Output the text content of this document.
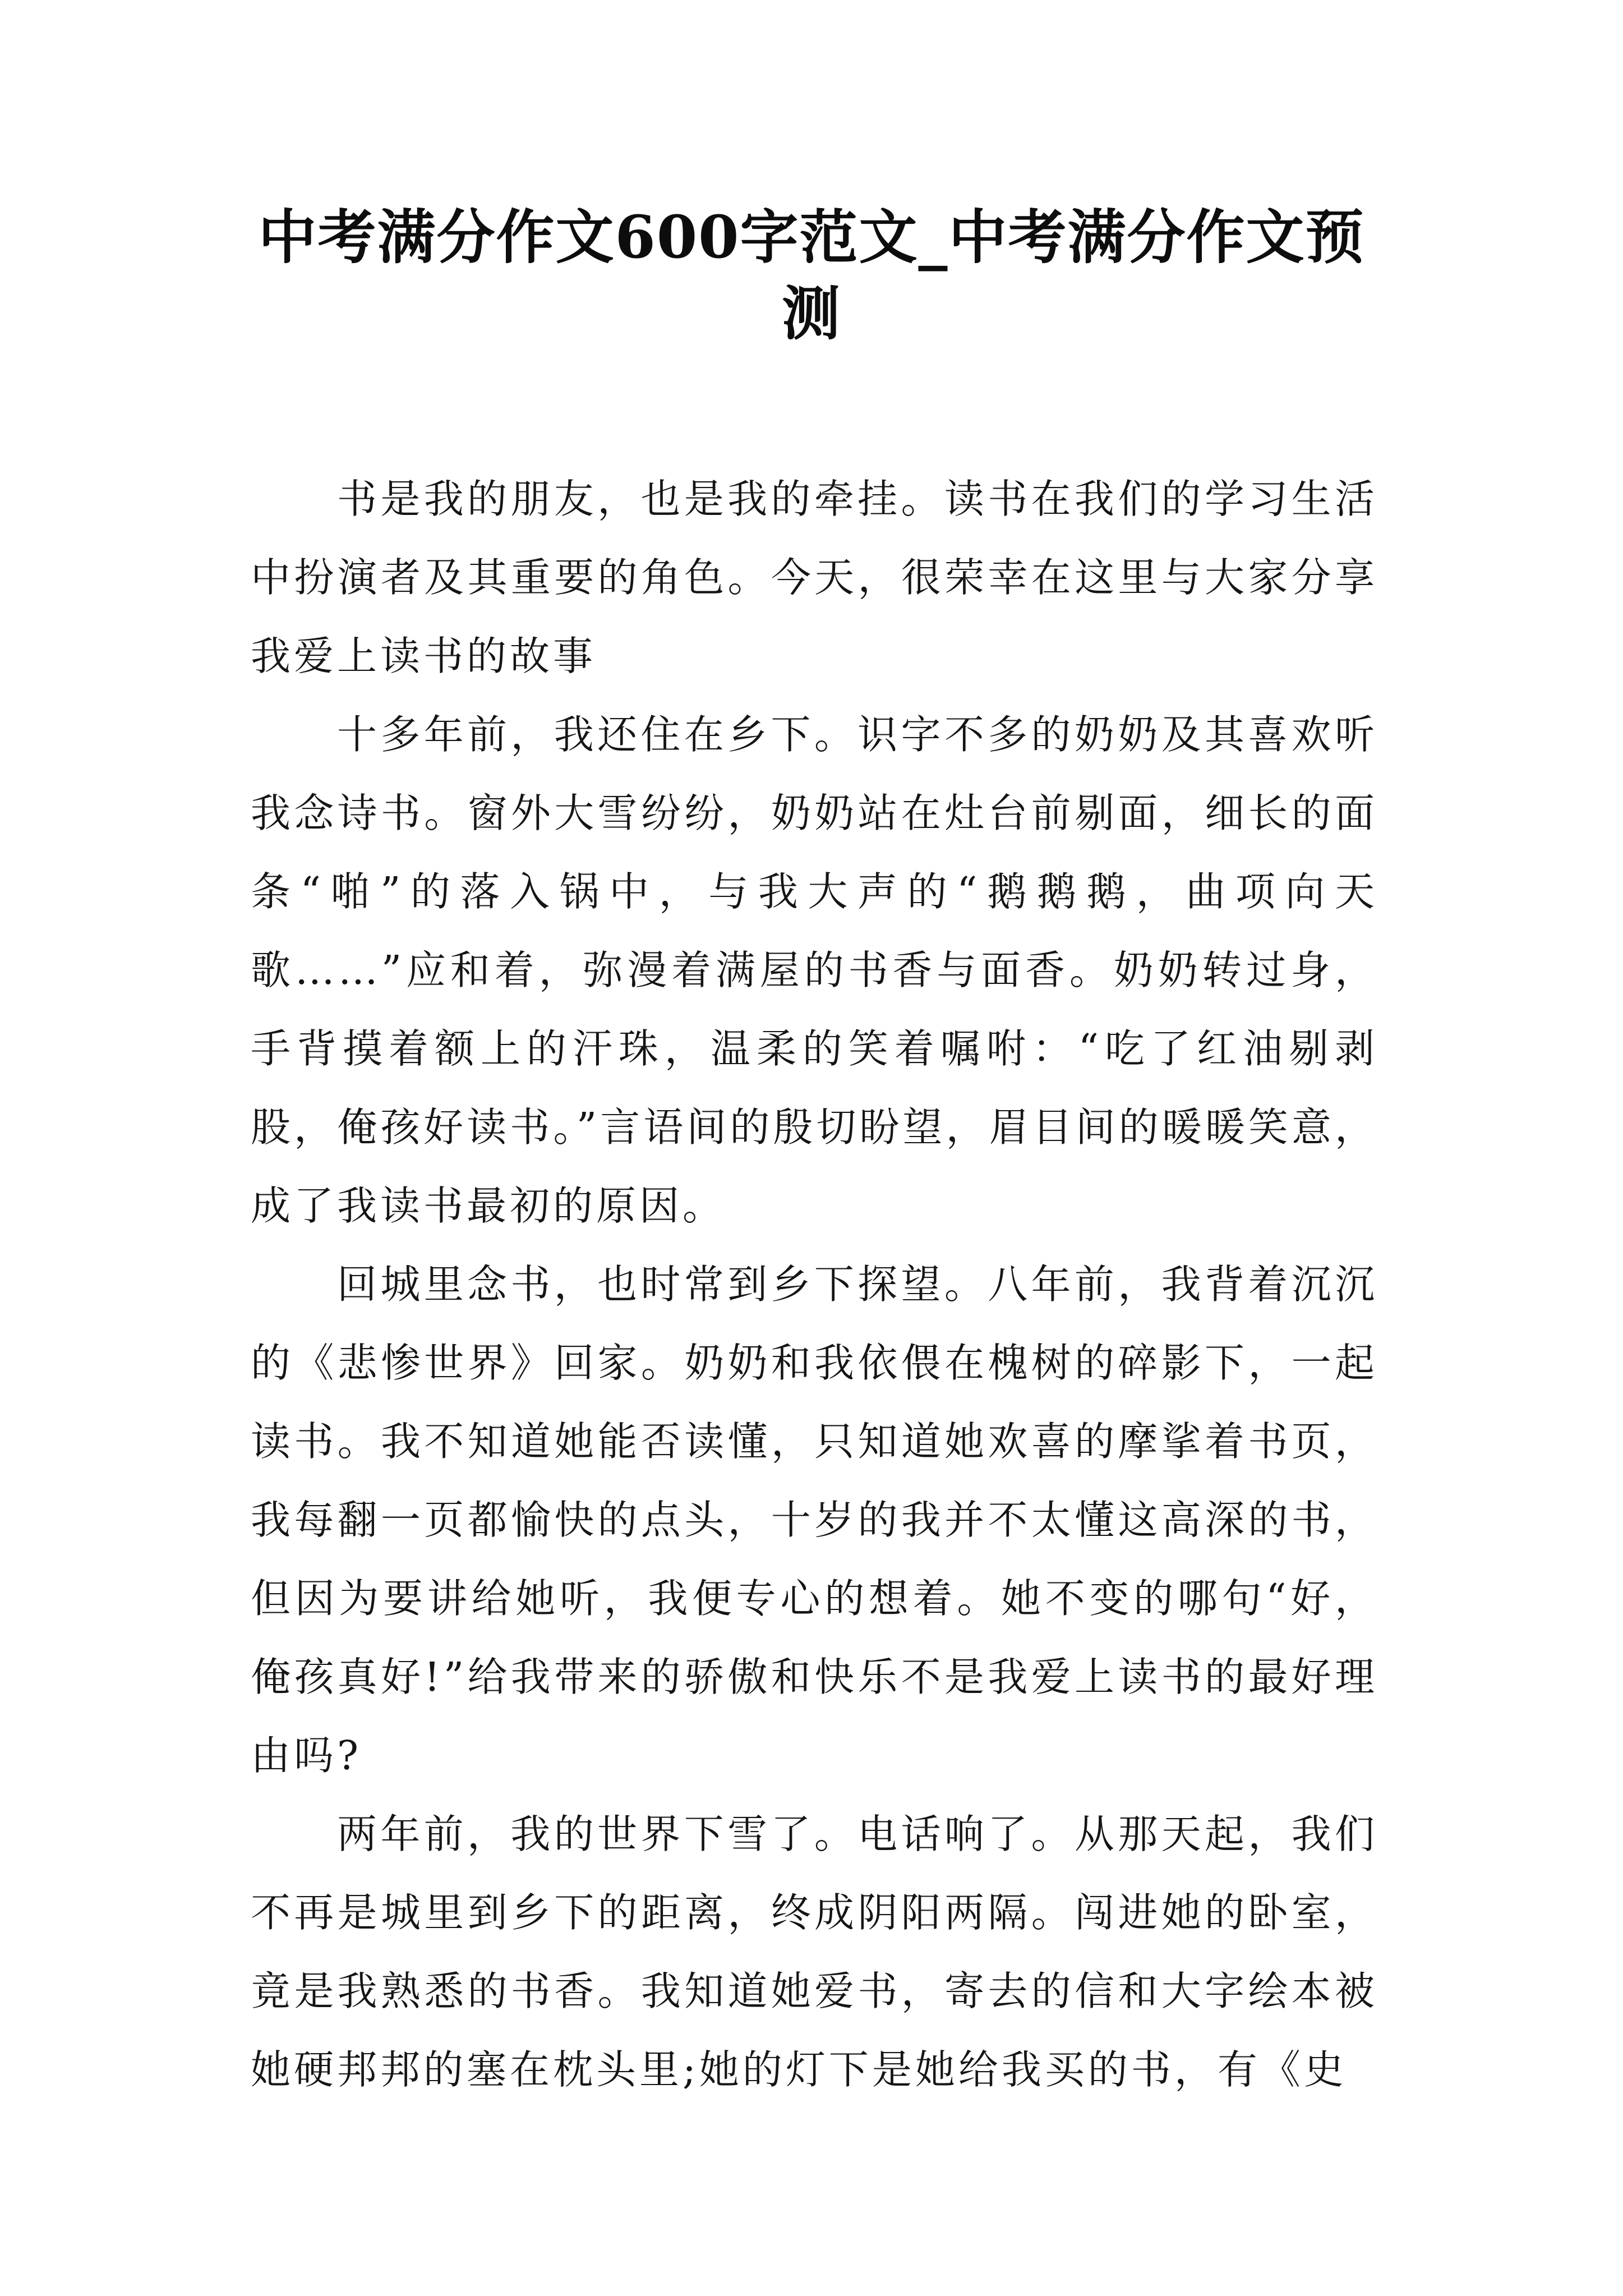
中考满分作文600字范文_中考满分作文预测

书是我的朋友，也是我的牵挂。读书在我们的学习生活中扮演者及其重要的角色。今天，很荣幸在这里与大家分享我爱上读书的故事

十多年前，我还住在乡下。识字不多的奶奶及其喜欢听我念诗书。窗外大雪纷纷，奶奶站在灶台前剔面，细长的面条“啪”的落入锅中，与我大声的“鹅鹅鹅，曲项向天歌……”应和着，弥漫着满屋的书香与面香。奶奶转过身，手背摸着额上的汗珠，温柔的笑着嘱咐：“吃了红油剔剥股，俺孩好读书。”言语间的殷切盼望，眉目间的暖暖笑意，成了我读书最初的原因。

回城里念书，也时常到乡下探望。八年前，我背着沉沉的《悲惨世界》回家。奶奶和我依偎在槐树的碎影下，一起读书。我不知道她能否读懂，只知道她欢喜的摩挲着书页，我每翻一页都愉快的点头，十岁的我并不太懂这高深的书，但因为要讲给她听，我便专心的想着。她不变的哪句“好，俺孩真好!”给我带来的骄傲和快乐不是我爱上读书的最好理由吗?

两年前，我的世界下雪了。电话响了。从那天起，我们不再是城里到乡下的距离，终成阴阳两隔。闯进她的卧室，竟是我熟悉的书香。我知道她爱书，寄去的信和大字绘本被她硬邦邦的塞在枕头里;她的灯下是她给我买的书，有《史
